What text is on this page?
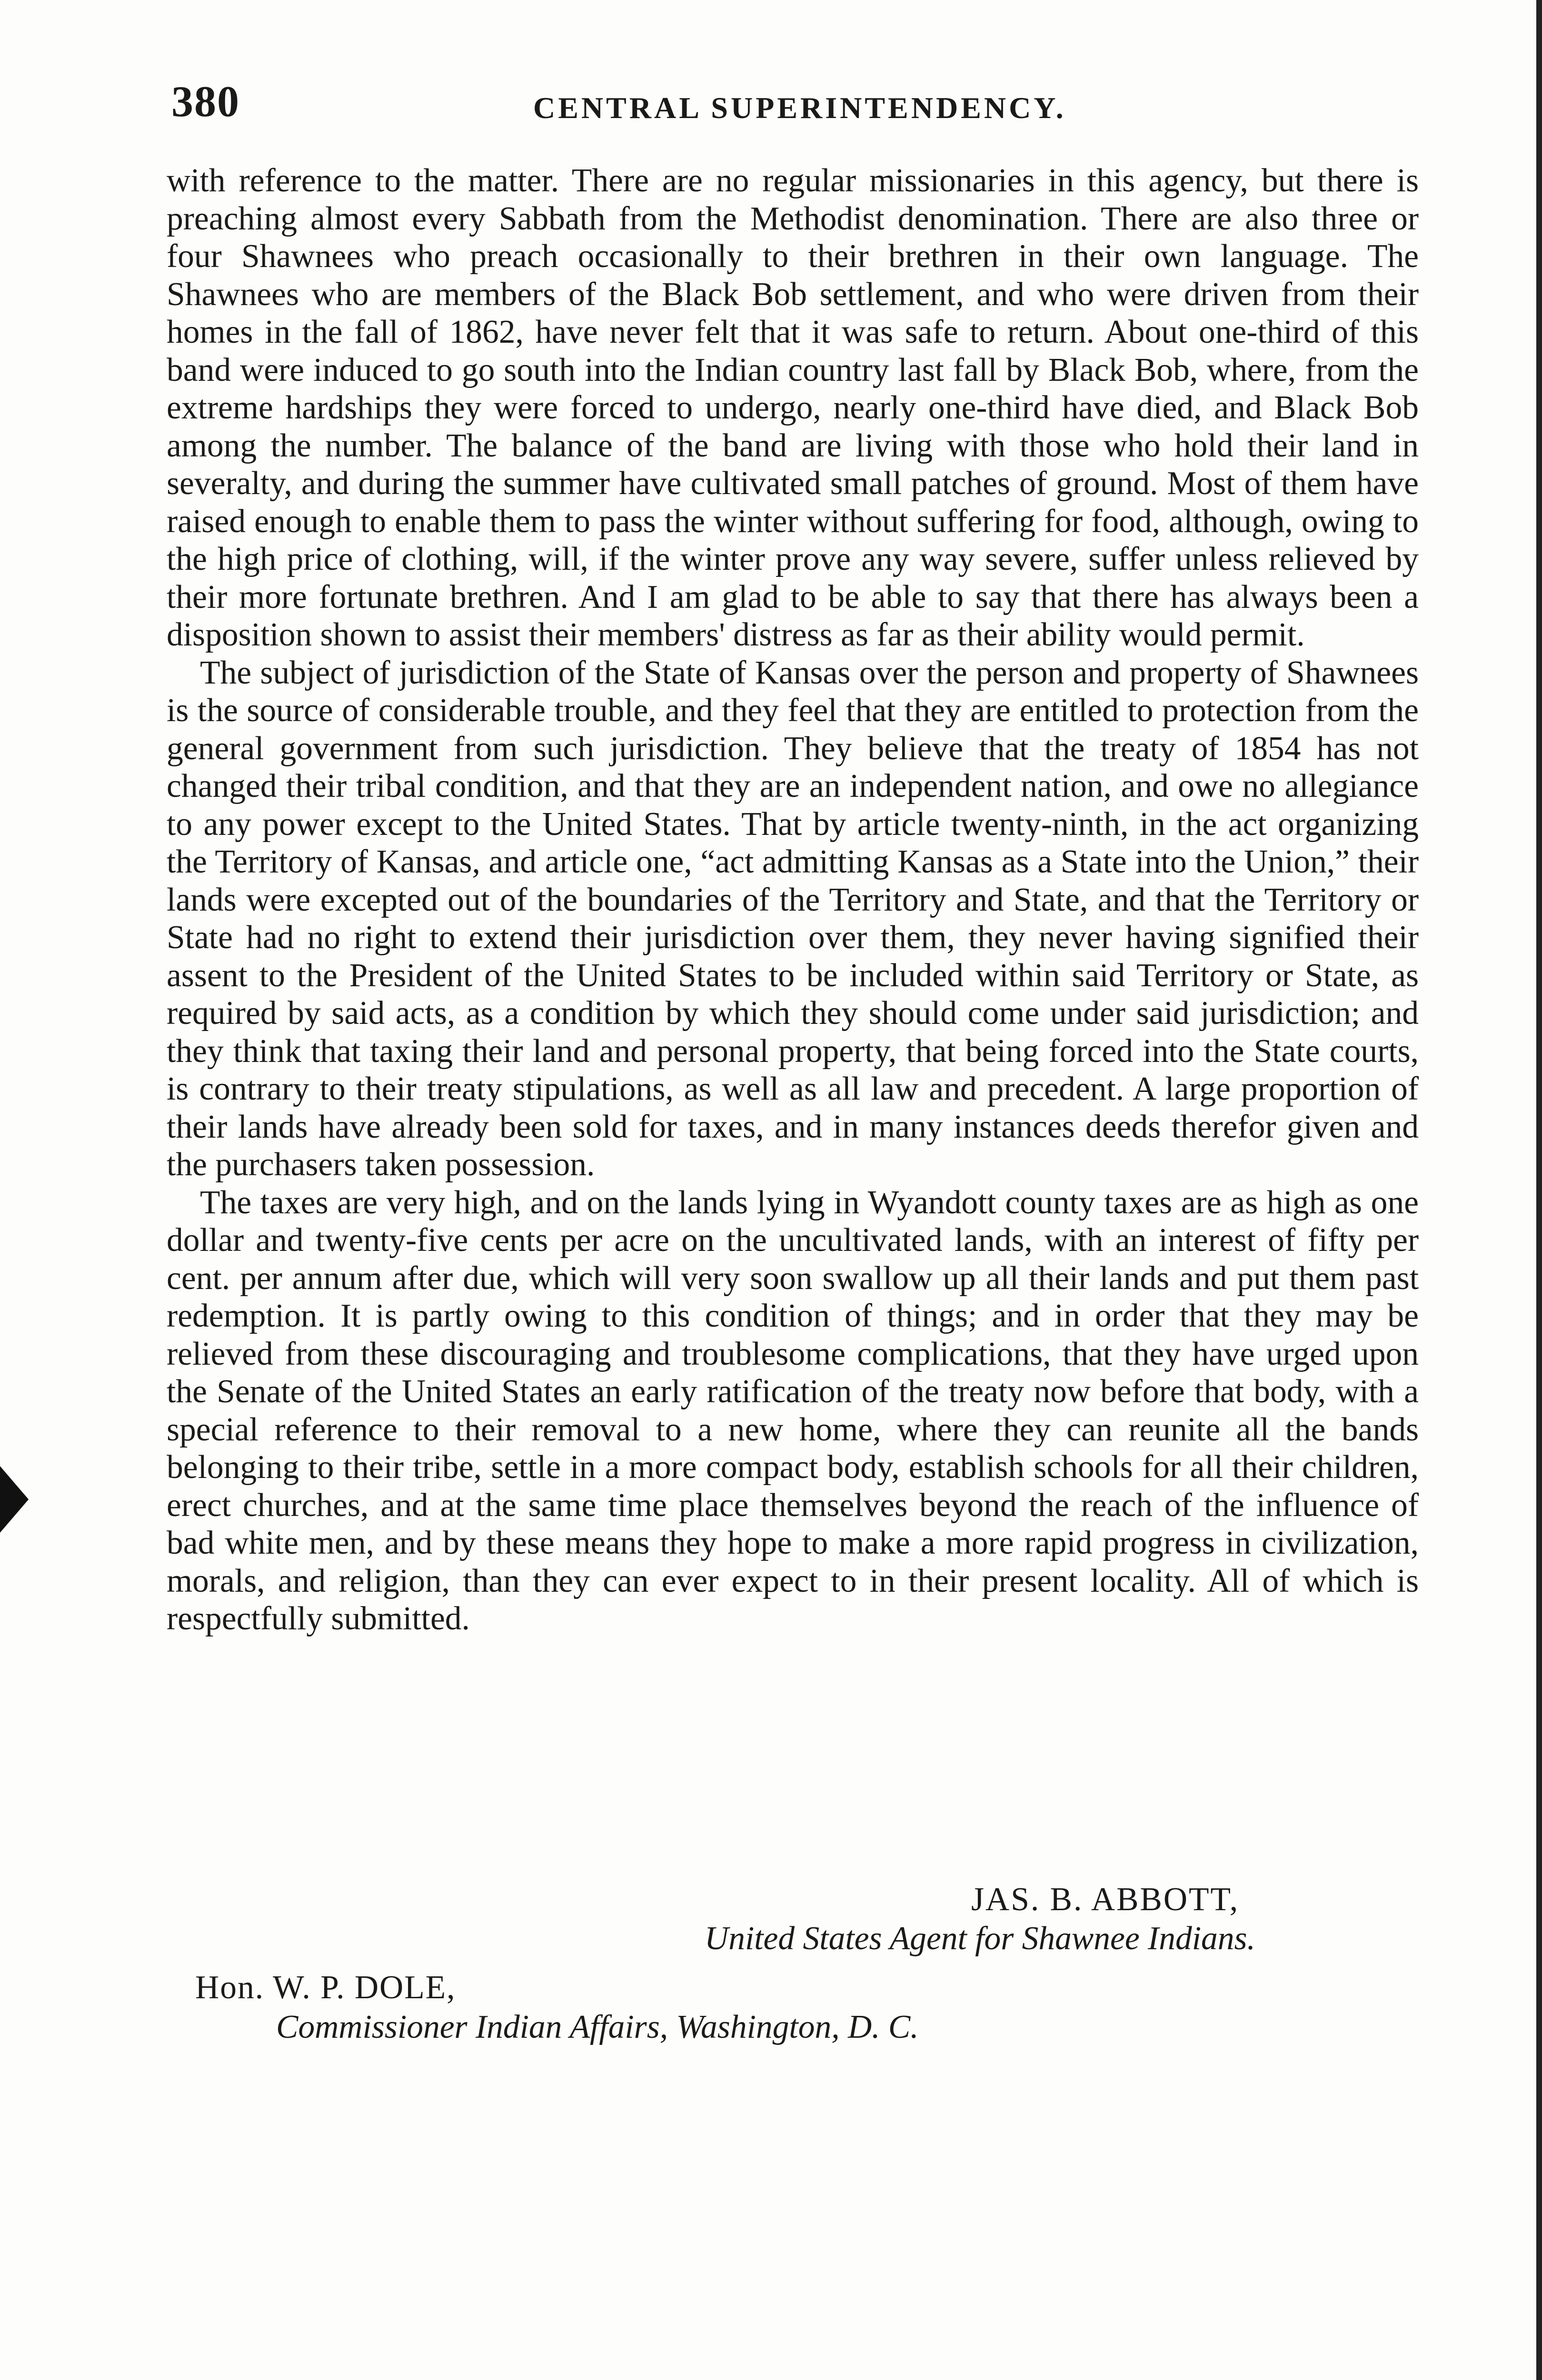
380	CENTRAL SUPERINTENDENCY.

with reference to the matter. There are no regular missionaries in this agency, but there is preaching almost every Sabbath from the Methodist denomination. There are also three or four Shawnees who preach occasionally to their brethren in their own language. The Shawnees who are members of the Black Bob settlement, and who were driven from their homes in the fall of 1862, have never felt that it was safe to return. About one-third of this band were induced to go south into the Indian country last fall by Black Bob, where, from the extreme hardships they were forced to undergo, nearly one-third have died, and Black Bob among the number. The balance of the band are living with those who hold their land in severalty, and during the summer have cultivated small patches of ground. Most of them have raised enough to enable them to pass the winter without suffering for food, although, owing to the high price of clothing, will, if the winter prove any way severe, suffer unless relieved by their more fortunate brethren. And I am glad to be able to say that there has always been a disposition shown to assist their members' distress as far as their ability would permit.

The subject of jurisdiction of the State of Kansas over the person and property of Shawnees is the source of considerable trouble, and they feel that they are entitled to protection from the general government from such jurisdiction. They believe that the treaty of 1854 has not changed their tribal condition, and that they are an independent nation, and owe no allegiance to any power except to the United States. That by article twenty-ninth, in the act organizing the Territory of Kansas, and article one, “act admitting Kansas as a State into the Union,” their lands were excepted out of the boundaries of the Territory and State, and that the Territory or State had no right to extend their jurisdiction over them, they never having signified their assent to the President of the United States to be included within said Territory or State, as required by said acts, as a condition by which they should come under said jurisdiction; and they think that taxing their land and personal property, that being forced into the State courts, is contrary to their treaty stipulations, as well as all law and precedent. A large proportion of their lands have already been sold for taxes, and in many instances deeds therefor given and the purchasers taken possession.

The taxes are very high, and on the lands lying in Wyandott county taxes are as high as one dollar and twenty-five cents per acre on the uncultivated lands, with an interest of fifty per cent. per annum after due, which will very soon swallow up all their lands and put them past redemption. It is partly owing to this condition of things; and in order that they may be relieved from these discouraging and troublesome complications, that they have urged upon the Senate of the United States an early ratification of the treaty now before that body, with a special reference to their removal to a new home, where they can reunite all the bands belonging to their tribe, settle in a more compact body, establish schools for all their children, erect churches, and at the same time place themselves beyond the reach of the influence of bad white men, and by these means they hope to make a more rapid progress in civilization, morals, and religion, than they can ever expect to in their present locality. All of which is respectfully submitted.

JAS. B. ABBOTT,
United States Agent for Shawnee Indians.
Hon. W. P. DOLE,
Commissioner Indian Affairs, Washington, D. C.
